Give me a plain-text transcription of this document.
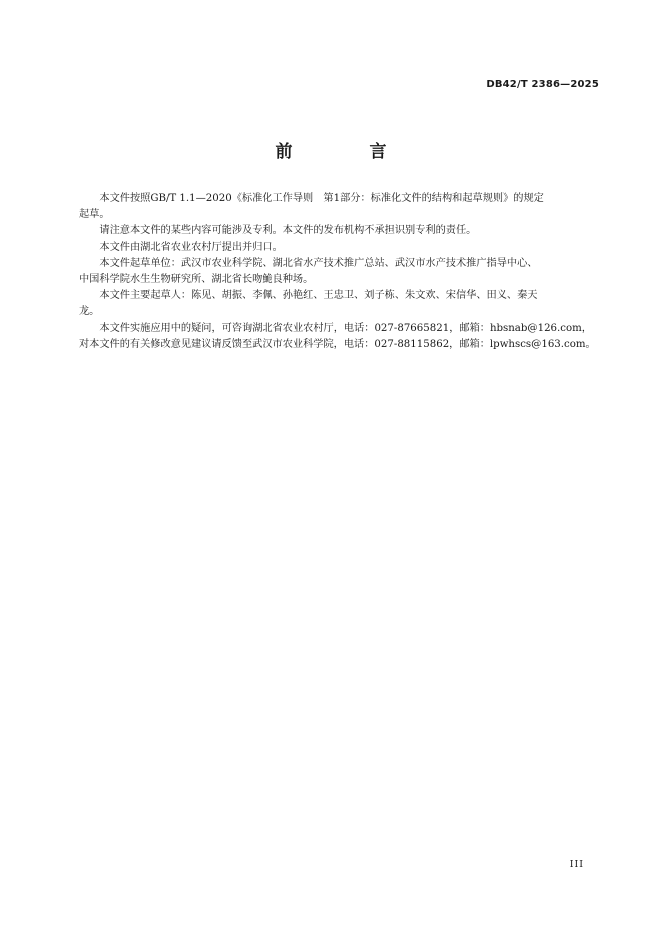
DB42/T 2386—2025
前　言
本文件按照GB/T 1.1—2020《标准化工作导则　第1部分：标准化文件的结构和起草规则》的规定
起草。
请注意本文件的某些内容可能涉及专利。本文件的发布机构不承担识别专利的责任。
本文件由湖北省农业农村厅提出并归口。
本文件起草单位：武汉市农业科学院、湖北省水产技术推广总站、武汉市水产技术推广指导中心、
中国科学院水生生物研究所、湖北省长吻鮠良种场。
本文件主要起草人：陈见、胡振、李佩、孙艳红、王忠卫、刘子栋、朱文欢、宋信华、田义、秦天
龙。
本文件实施应用中的疑问，可咨询湖北省农业农村厅，电话：027-87665821，邮箱：hbsnab@126.com，
对本文件的有关修改意见建议请反馈至武汉市农业科学院，电话：027-88115862，邮箱：lpwhscs@163.com。
III
